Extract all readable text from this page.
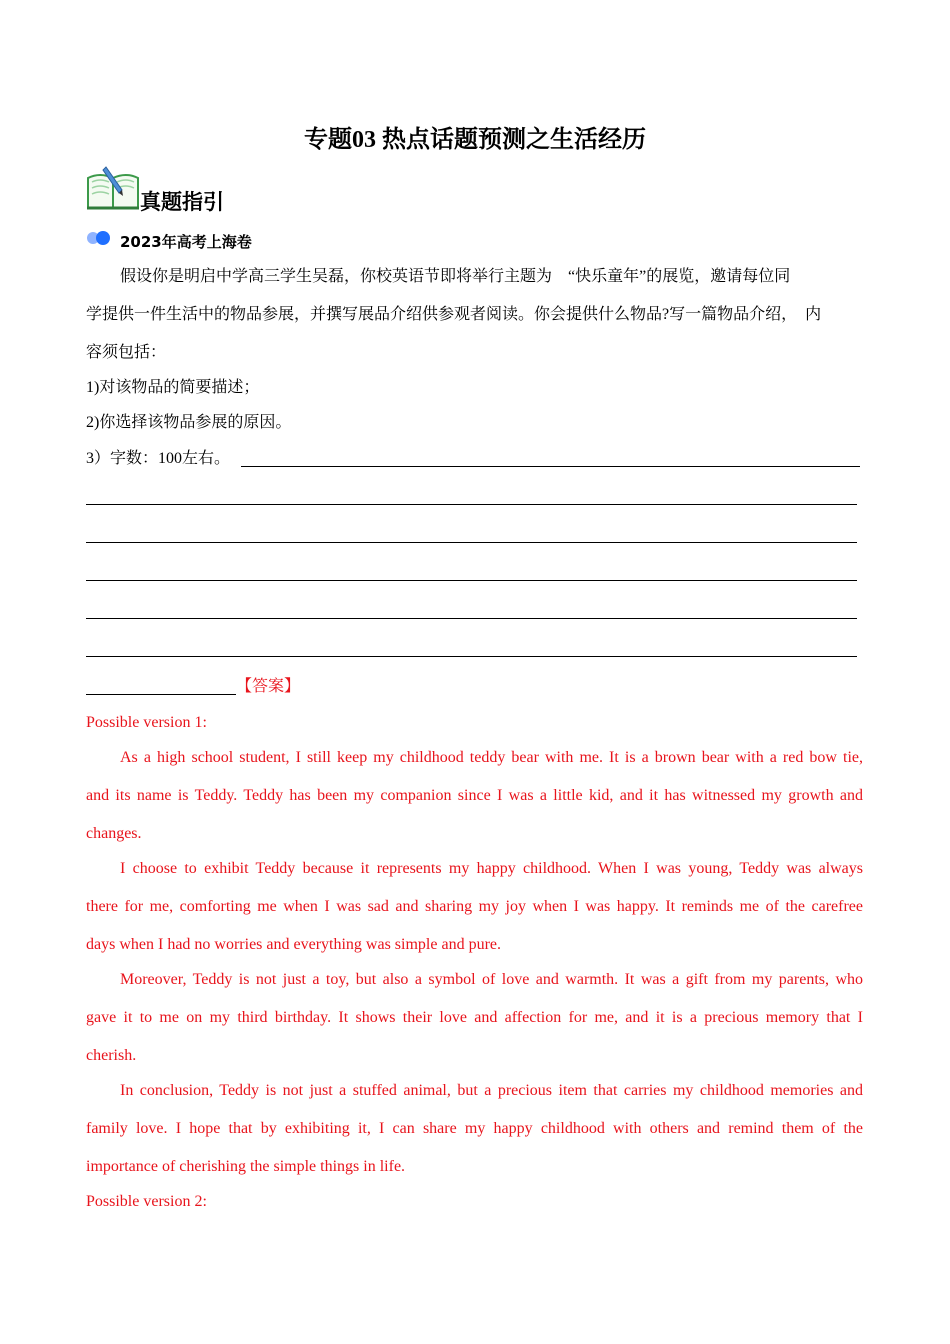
专题03 热点话题预测之生活经历
真题指引
2023年高考上海卷
假设你是明启中学高三学生吴磊，你校英语节即将举行主题为    “快乐童年”的展览，邀请每位同
学提供一件生活中的物品参展，并撰写展品介绍供参观者阅读。你会提供什么物品?写一篇物品介绍，  内
容须包括：
1)对该物品的简要描述；
2)你选择该物品参展的原因。
3）字数：100左右。
【答案】
Possible version 1:
As a high school student, I still keep my childhood teddy bear with me. It is a brown bear with a red bow tie,
and its name is Teddy. Teddy has been my companion since I was a little kid, and it has witnessed my growth and
changes.
I choose to exhibit Teddy because it represents my happy childhood. When I was young, Teddy was always
there for me, comforting me when I was sad and sharing my joy when I was happy. It reminds me of the carefree
days when I had no worries and everything was simple and pure.
Moreover, Teddy is not just a toy, but also a symbol of love and warmth. It was a gift from my parents, who
gave it to me on my third birthday. It shows their love and affection for me, and it is a precious memory that I
cherish.
In conclusion, Teddy is not just a stuffed animal, but a precious item that carries my childhood memories and
family love. I hope that by exhibiting it, I can share my happy childhood with others and remind them of the
importance of cherishing the simple things in life.
Possible version 2:
